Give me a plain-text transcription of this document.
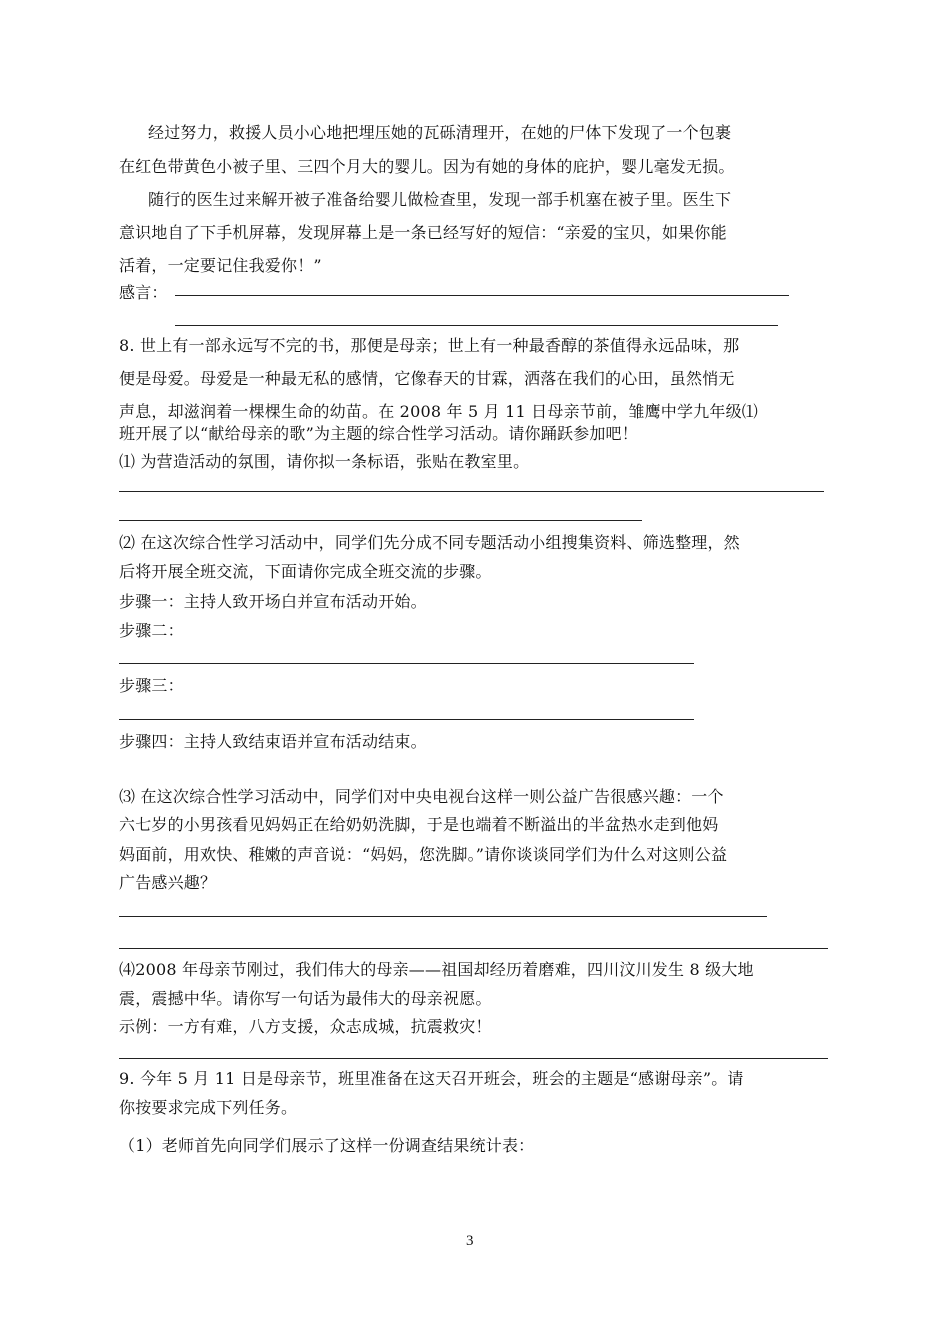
经过努力，救援人员小心地把埋压她的瓦砾清理开，在她的尸体下发现了一个包裹
在红色带黄色小被子里、三四个月大的婴儿。因为有她的身体的庇护，婴儿毫发无损。
随行的医生过来解开被子准备给婴儿做检查里，发现一部手机塞在被子里。医生下
意识地自了下手机屏幕，发现屏幕上是一条已经写好的短信：“亲爱的宝贝，如果你能
活着，一定要记住我爱你！”
感言：
8. 世上有一部永远写不完的书，那便是母亲；世上有一种最香醇的茶值得永远品味，那
便是母爱。母爱是一种最无私的感情，它像春天的甘霖，洒落在我们的心田，虽然悄无
声息，却滋润着一棵棵生命的幼苗。在 2008 年 5 月 11 日母亲节前，雏鹰中学九年级⑴
班开展了以“献给母亲的歌”为主题的综合性学习活动。请你踊跃参加吧！
⑴ 为营造活动的氛围，请你拟一条标语，张贴在教室里。
⑵ 在这次综合性学习活动中，同学们先分成不同专题活动小组搜集资料、筛选整理，然
后将开展全班交流，下面请你完成全班交流的步骤。
步骤一：主持人致开场白并宣布活动开始。
步骤二：
步骤三：
步骤四：主持人致结束语并宣布活动结束。
⑶ 在这次综合性学习活动中，同学们对中央电视台这样一则公益广告很感兴趣：一个
六七岁的小男孩看见妈妈正在给奶奶洗脚，于是也端着不断溢出的半盆热水走到他妈
妈面前，用欢快、稚嫩的声音说：“妈妈，您洗脚。”请你谈谈同学们为什么对这则公益
广告感兴趣？
⑷2008 年母亲节刚过，我们伟大的母亲——祖国却经历着磨难，四川汶川发生 8 级大地
震，震撼中华。请你写一句话为最伟大的母亲祝愿。
示例：一方有难，八方支援，众志成城，抗震救灾！
9. 今年 5 月 11 日是母亲节，班里准备在这天召开班会，班会的主题是“感谢母亲”。请
你按要求完成下列任务。
（1）老师首先向同学们展示了这样一份调查结果统计表：
3
